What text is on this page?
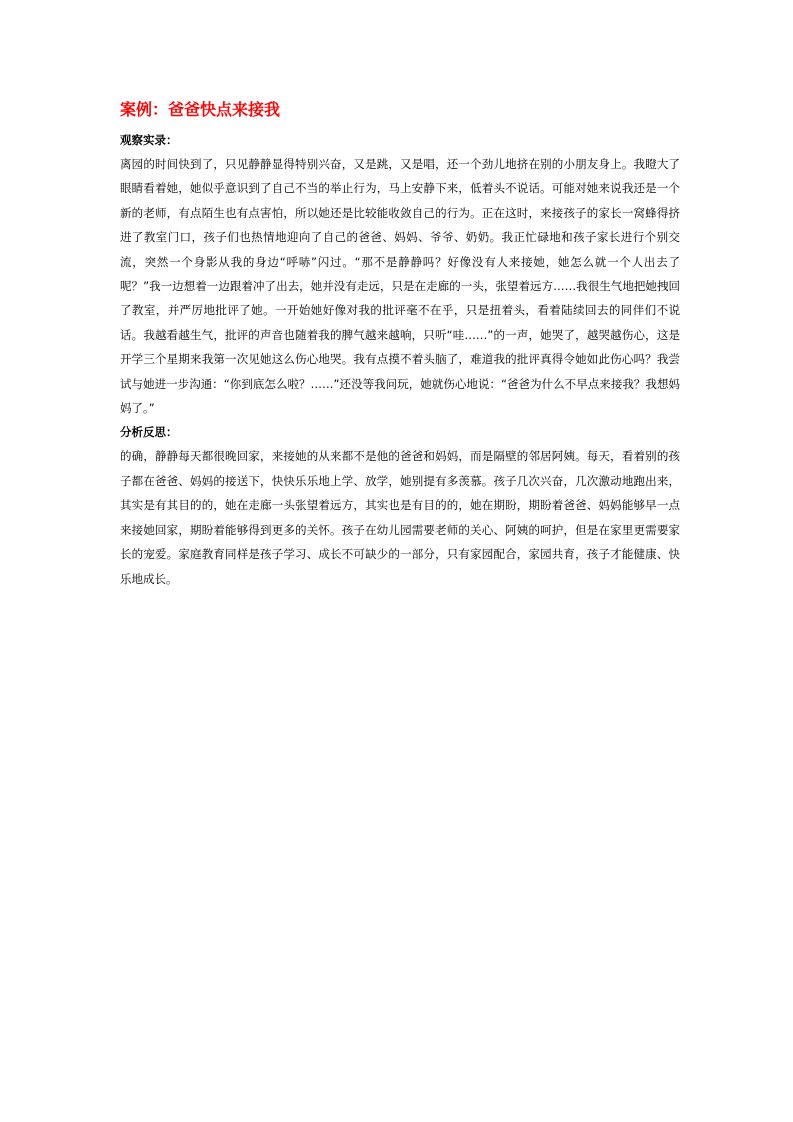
案例：爸爸快点来接我
观察实录：
离园的时间快到了，只见静静显得特别兴奋，又是跳，又是唱，还一个劲儿地挤在别的小朋友身上。我瞪大了眼睛看着她，她似乎意识到了自己不当的举止行为，马上安静下来，低着头不说话。可能对她来说我还是一个新的老师，有点陌生也有点害怕，所以她还是比较能收敛自己的行为。正在这时，来接孩子的家长一窝蜂得挤进了教室门口，孩子们也热情地迎向了自己的爸爸、妈妈、爷爷、奶奶。我正忙碌地和孩子家长进行个别交流，突然一个身影从我的身边“呼哧”闪过。“那不是静静吗？好像没有人来接她，她怎么就一个人出去了呢？”我一边想着一边跟着冲了出去，她并没有走远，只是在走廊的一头，张望着远方……我很生气地把她拽回了教室，并严厉地批评了她。一开始她好像对我的批评毫不在乎，只是扭着头，看着陆续回去的同伴们不说话。我越看越生气，批评的声音也随着我的脾气越来越响，只听“哇……”的一声，她哭了，越哭越伤心，这是开学三个星期来我第一次见她这么伤心地哭。我有点摸不着头脑了，难道我的批评真得令她如此伤心吗？我尝试与她进一步沟通：“你到底怎么啦？……”还没等我问玩，她就伤心地说：“爸爸为什么不早点来接我？我想妈妈了。”
分析反思：
的确，静静每天都很晚回家，来接她的从来都不是他的爸爸和妈妈，而是隔壁的邻居阿姨。每天，看着别的孩子都在爸爸、妈妈的接送下，快快乐乐地上学、放学，她别提有多羡慕。孩子几次兴奋，几次激动地跑出来，其实是有其目的的，她在走廊一头张望着远方，其实也是有目的的，她在期盼，期盼着爸爸、妈妈能够早一点来接她回家，期盼着能够得到更多的关怀。孩子在幼儿园需要老师的关心、阿姨的呵护，但是在家里更需要家长的宠爱。家庭教育同样是孩子学习、成长不可缺少的一部分，只有家园配合，家园共育，孩子才能健康、快乐地成长。
